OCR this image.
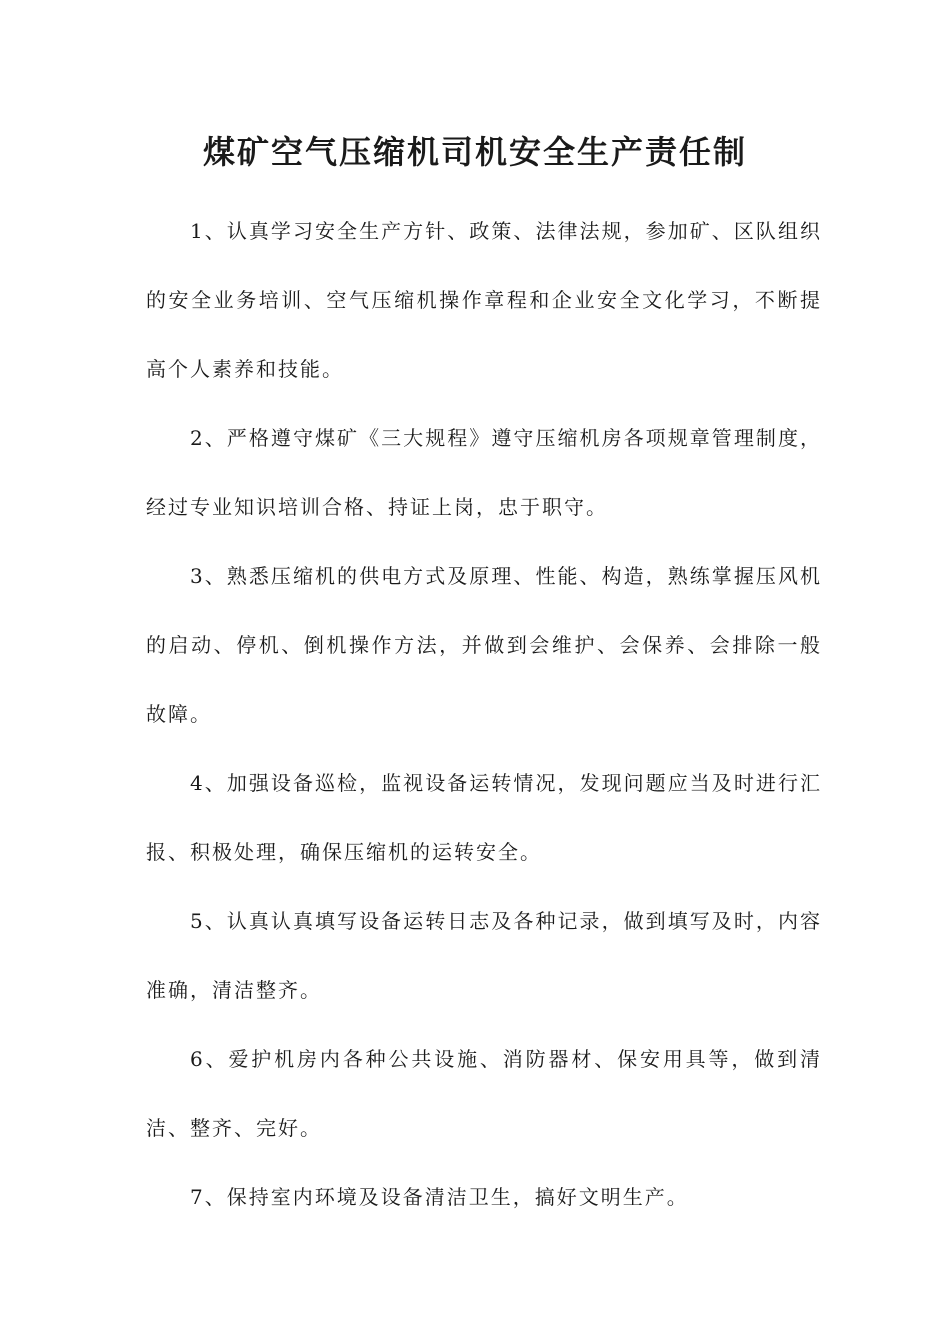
煤矿空气压缩机司机安全生产责任制

1、认真学习安全生产方针、政策、法律法规，参加矿、区队组织的安全业务培训、空气压缩机操作章程和企业安全文化学习，不断提高个人素养和技能。

2、严格遵守煤矿《三大规程》遵守压缩机房各项规章管理制度，经过专业知识培训合格、持证上岗，忠于职守。

3、熟悉压缩机的供电方式及原理、性能、构造，熟练掌握压风机的启动、停机、倒机操作方法，并做到会维护、会保养、会排除一般故障。

4、加强设备巡检，监视设备运转情况，发现问题应当及时进行汇报、积极处理，确保压缩机的运转安全。

5、认真认真填写设备运转日志及各种记录，做到填写及时，内容准确，清洁整齐。

6、爱护机房内各种公共设施、消防器材、保安用具等，做到清洁、整齐、完好。

7、保持室内环境及设备清洁卫生，搞好文明生产。
